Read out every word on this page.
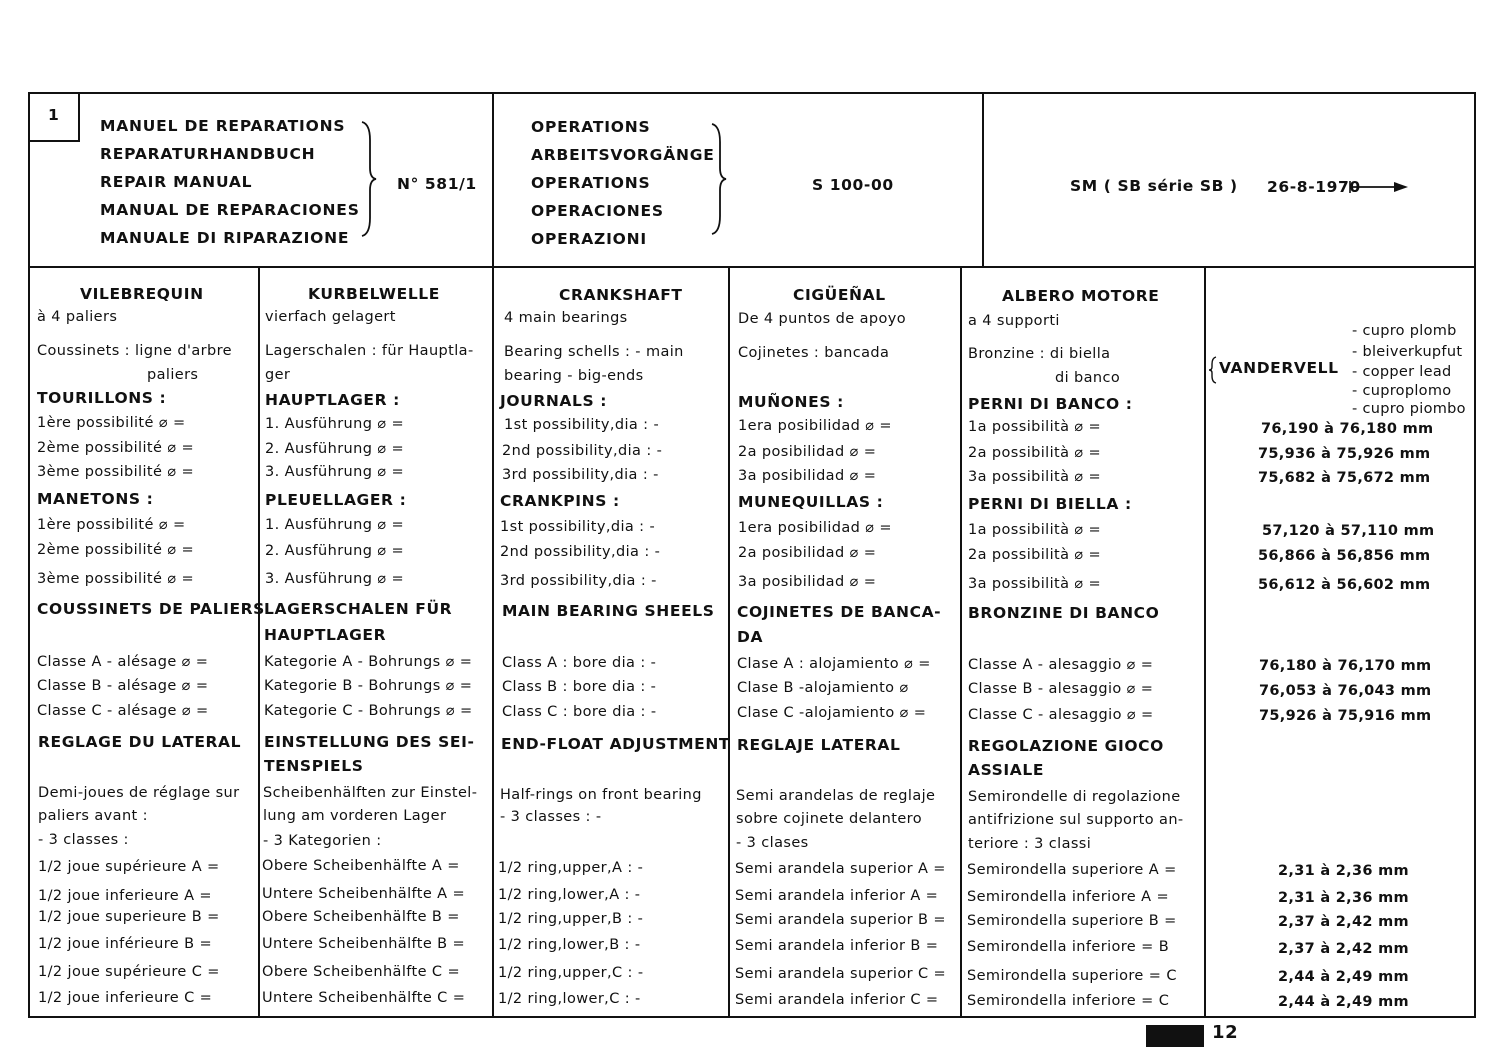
1
MANUEL DE REPARATIONS
REPARATURHANDBUCH
REPAIR MANUAL
MANUAL DE REPARACIONES
MANUALE DI RIPARAZIONE
N° 581/1
OPERATIONS
ARBEITSVORGÄNGE
OPERATIONS
OPERACIONES
OPERAZIONI
S 100-00	SM ( SB série SB ) 26-8-1970
VILEBREQUIN
à 4 paliers
Coussinets : ligne d'arbre
paliers
TOURILLONS :
1ère possibilité ⌀ =
2ème possibilité ⌀ =
3ème possibilité ⌀ =
MANETONS :
1ère possibilité ⌀ =
2ème possibilité ⌀ =
3ème possibilité ⌀ =
COUSSINETS DE PALIERS
Classe A - alésage ⌀ =
Classe B - alésage ⌀ =
Classe C - alésage ⌀ =
REGLAGE DU LATERAL
Demi-joues de réglage sur
paliers avant :
- 3 classes :
1/2 joue supérieure A =
1/2 joue inferieure A =
1/2 joue superieure B =
1/2 joue inférieure B =
1/2 joue supérieure C =
1/2 joue inferieure C =
KURBELWELLE
vierfach gelagert
Lagerschalen : für Hauptla-
ger
HAUPTLAGER :
1. Ausführung ⌀ =
2. Ausführung ⌀ =
3. Ausführung ⌀ =
PLEUELLAGER :
1. Ausführung ⌀ =
2. Ausführung ⌀ =
3. Ausführung ⌀ =
LAGERSCHALEN FÜR
HAUPTLAGER
Kategorie A - Bohrungs ⌀ =
Kategorie B - Bohrungs ⌀ =
Kategorie C - Bohrungs ⌀ =
EINSTELLUNG DES SEI-
TENSPIELS
Scheibenhälften zur Einstel-
lung am vorderen Lager
- 3 Kategorien :
Obere Scheibenhälfte A =
Untere Scheibenhälfte A =
Obere Scheibenhälfte B =
Untere Scheibenhälfte B =
Obere Scheibenhälfte C =
Untere Scheibenhälfte C =
CRANKSHAFT
4 main bearings
Bearing schells : - main
bearing - big-ends
JOURNALS :
1st possibility,dia : -
2nd possibility,dia : -
3rd possibility,dia : -
CRANKPINS :
1st possibility,dia : -
2nd possibility,dia : -
3rd possibility,dia : -
MAIN BEARING SHEELS
Class A : bore dia : -
Class B : bore dia : -
Class C : bore dia : -
END-FLOAT ADJUSTMENT
Half-rings on front bearing
- 3 classes : -
1/2 ring,upper,A : -
1/2 ring,lower,A : -
1/2 ring,upper,B : -
1/2 ring,lower,B : -
1/2 ring,upper,C : -
1/2 ring,lower,C : -
CIGÜEÑAL
De 4 puntos de apoyo
Cojinetes : bancada
MUÑONES :
1era posibilidad ⌀ =
2a posibilidad ⌀ =
3a posibilidad ⌀ =
MUNEQUILLAS :
1era posibilidad ⌀ =
2a posibilidad ⌀ =
3a posibilidad ⌀ =
COJINETES DE BANCA-
DA
Clase A : alojamiento ⌀ =
Clase B -alojamiento ⌀
Clase C -alojamiento ⌀ =
REGLAJE LATERAL
Semi arandelas de reglaje
sobre cojinete delantero
- 3 clases
Semi arandela superior A =
Semi arandela inferior A =
Semi arandela superior B =
Semi arandela inferior B =
Semi arandela superior C =
Semi arandela inferior C =
ALBERO MOTORE
a 4 supporti
Bronzine : di biella
di banco
PERNI DI BANCO :
1a possibilità ⌀ =
2a possibilità ⌀ =
3a possibilità ⌀ =
PERNI DI BIELLA :
1a possibilità ⌀ =
2a possibilità ⌀ =
3a possibilità ⌀ =
BRONZINE DI BANCO
Classe A - alesaggio ⌀ =
Classe B - alesaggio ⌀ =
Classe C - alesaggio ⌀ =
REGOLAZIONE GIOCO
ASSIALE
Semirondelle di regolazione
antifrizione sul supporto an-
teriore : 3 classi
Semirondella superiore A =
Semirondella inferiore A =
Semirondella superiore B =
Semirondella inferiore = B
Semirondella superiore = C
Semirondella inferiore = C
- cupro plomb
- bleiverkupfut
- copper lead
- cuproplomo
- cupro piombo
VANDERVELL
76,190 à 76,180 mm
75,936 à 75,926 mm
75,682 à 75,672 mm
57,120 à 57,110 mm
56,866 à 56,856 mm
56,612 à 56,602 mm
76,180 à 76,170 mm
76,053 à 76,043 mm
75,926 à 75,916 mm
2,31 à 2,36 mm
2,31 à 2,36 mm
2,37 à 2,42 mm
2,37 à 2,42 mm
2,44 à 2,49 mm
2,44 à 2,49 mm
12
